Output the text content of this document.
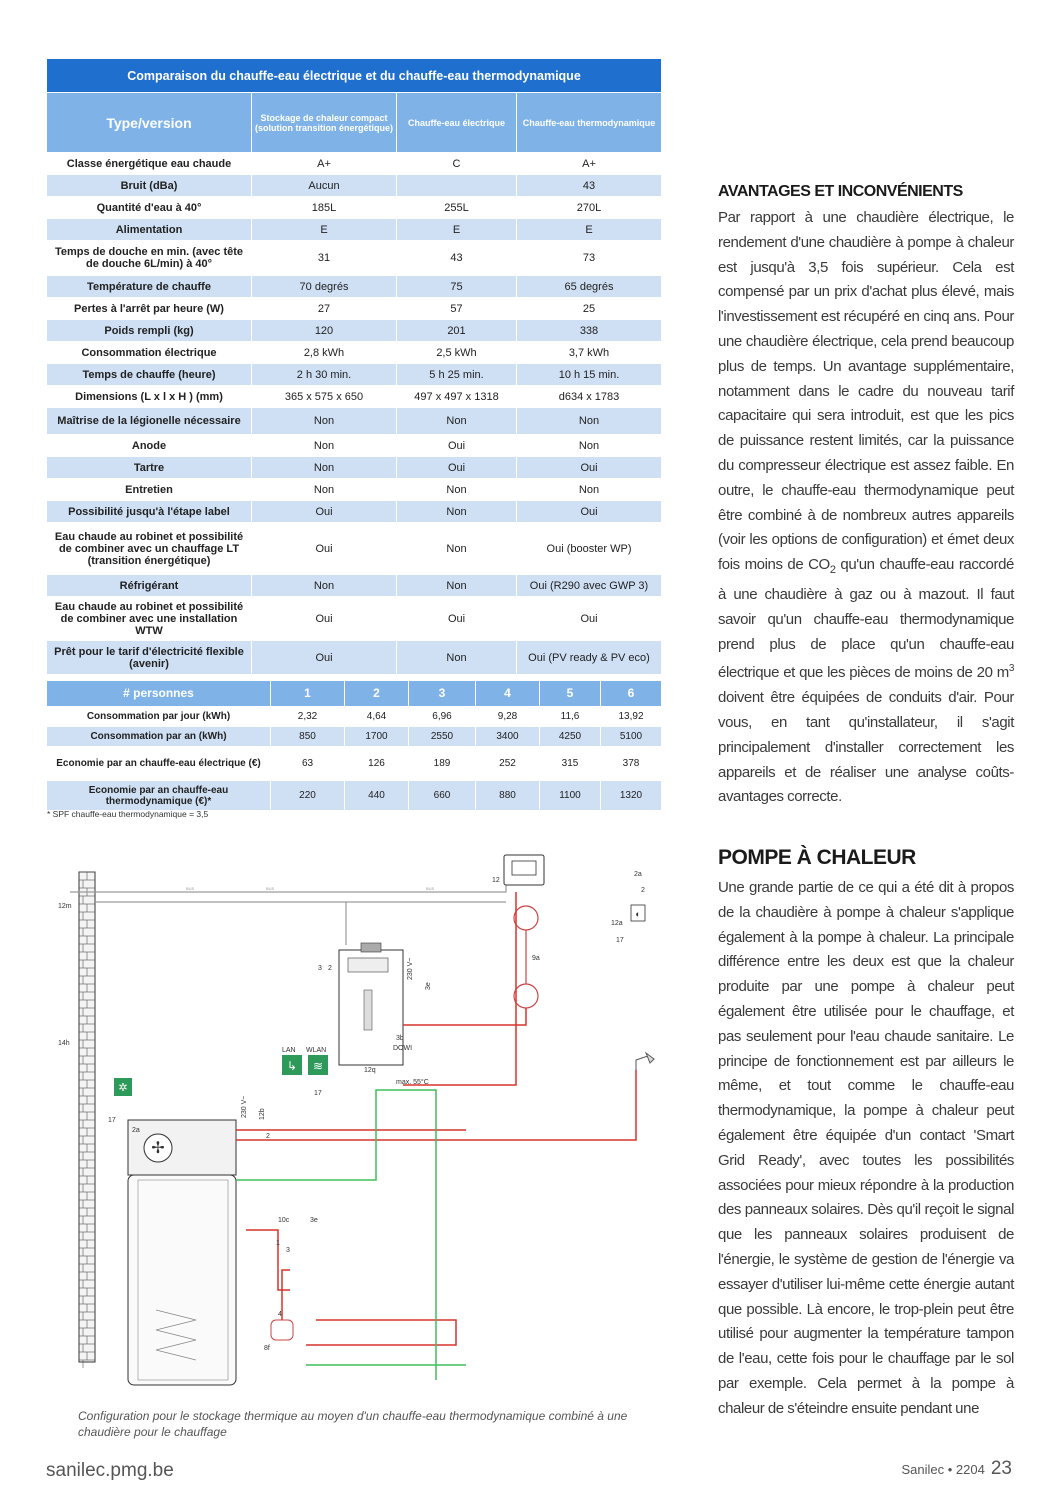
Comparaison du chauffe-eau électrique et du chauffe-eau thermodynamique			
Type/version	Stockage de chaleur compact (solution transition énergétique)	Chauffe-eau électrique	Chauffe-eau thermodynamique
Classe énergétique eau chaude	A+	C	A+
Bruit (dBa)	Aucun		43
Quantité d'eau à 40°	185L	255L	270L
Alimentation	E	E	E
Temps de douche en min. (avec tête de douche 6L/min) à 40°	31	43	73
Température de chauffe	70 degrés	75	65 degrés
Pertes à l'arrêt par heure (W)	27	57	25
Poids rempli (kg)	120	201	338
Consommation électrique	2,8 kWh	2,5 kWh	3,7 kWh
Temps de chauffe (heure)	2 h 30 min.	5 h 25 min.	10 h 15 min.
Dimensions (L x l x H ) (mm)	365 x 575 x 650	497 x 497 x 1318	d634 x 1783
Maîtrise de la légionelle nécessaire	Non	Non	Non
Anode	Non	Oui	Non
Tartre	Non	Oui	Oui
Entretien	Non	Non	Non
Possibilité jusqu'à l'étape label	Oui	Non	Oui
Eau chaude au robinet et possibilité de combiner avec un chauffage LT (transition énergétique)	Oui	Non	Oui (booster WP)
Réfrigérant	Non	Non	Oui (R290 avec GWP 3)
Eau chaude au robinet et possibilité de combiner avec une installation WTW	Oui	Oui	Oui
Prêt pour le tarif d'électricité flexible (avenir)	Oui	Non	Oui (PV ready & PV eco)
# personnes	1	2	3	4	5	6
Consommation par jour (kWh)	2,32	4,64	6,96	9,28	11,6	13,92
Consommation par an (kWh)	850	1700	2550	3400	4250	5100
Economie par an chauffe-eau électrique (€)	63	126	189	252	315	378
Economie par an chauffe-eau thermodynamique (€)*	220	440	660	880	1100	1320
* SPF chauffe-eau thermodynamique = 3,5
AVANTAGES ET INCONVÉNIENTS
Par rapport à une chaudière électrique, le rendement d'une chaudière à pompe à chaleur est jusqu'à 3,5 fois supérieur. Cela est compensé par un prix d'achat plus élevé, mais l'investissement est récupéré en cinq ans. Pour une chaudière électrique, cela prend beaucoup plus de temps. Un avantage supplémentaire, notamment dans le cadre du nouveau tarif capacitaire qui sera introduit, est que les pics de puissance restent limités, car la puissance du compresseur électrique est assez faible. En outre, le chauffe-eau thermodynamique peut être combiné à de nombreux autres appareils (voir les options de configuration) et émet deux fois moins de $CO_2$ qu'un chauffe-eau raccordé à une chaudière à gaz ou à mazout. Il faut savoir qu'un chauffe-eau thermodynamique prend plus de place qu'un chauffe-eau électrique et que les pièces de moins de 20 $m^3$ doivent être équipées de conduits d'air. Pour vous, en tant qu'installateur, il s'agit principalement d'installer correctement les appareils et de réaliser une analyse coûts-avantages correcte.
POMPE À CHALEUR
Une grande partie de ce qui a été dit à propos de la chaudière à pompe à chaleur s'applique également à la pompe à chaleur. La principale différence entre les deux est que la chaleur produite par une pompe à chaleur peut également être utilisée pour le chauffage, et pas seulement pour l'eau chaude sanitaire. Le principe de fonctionnement est par ailleurs le même, et tout comme le chauffe-eau thermodynamique, la pompe à chaleur peut également être équipée d'un contact 'Smart Grid Ready', avec toutes les possibilités associées pour mieux répondre à la production des panneaux solaires. Dès qu'il reçoit le signal que les panneaux solaires produisent de l'énergie, le système de gestion de l'énergie va essayer d'utiliser lui-même cette énergie autant que possible. Là encore, le trop-plein peut être utilisé pour augmenter la température tampon de l'eau, cette fois pour le chauffage par le sol par exemple. Cela permet à la pompe à chaleur de s'éteindre ensuite pendant une
BUS	BUS	BUS
↳ ≋
✲
✢
◐
12m
14h
12
2a
2
12a
17
9a
230 V~
3e
3 2
3b
12q
DOWI
max. 55°C
LAN WLAN
17
17
230 V~ 12b
2
2a
10c	3e
1
3
4
8f
Configuration pour le stockage thermique au moyen d'un chauffe-eau thermodynamique combiné à une chaudière pour le chauffage
sanilec.pmg.be	Sanilec • 2204 23
